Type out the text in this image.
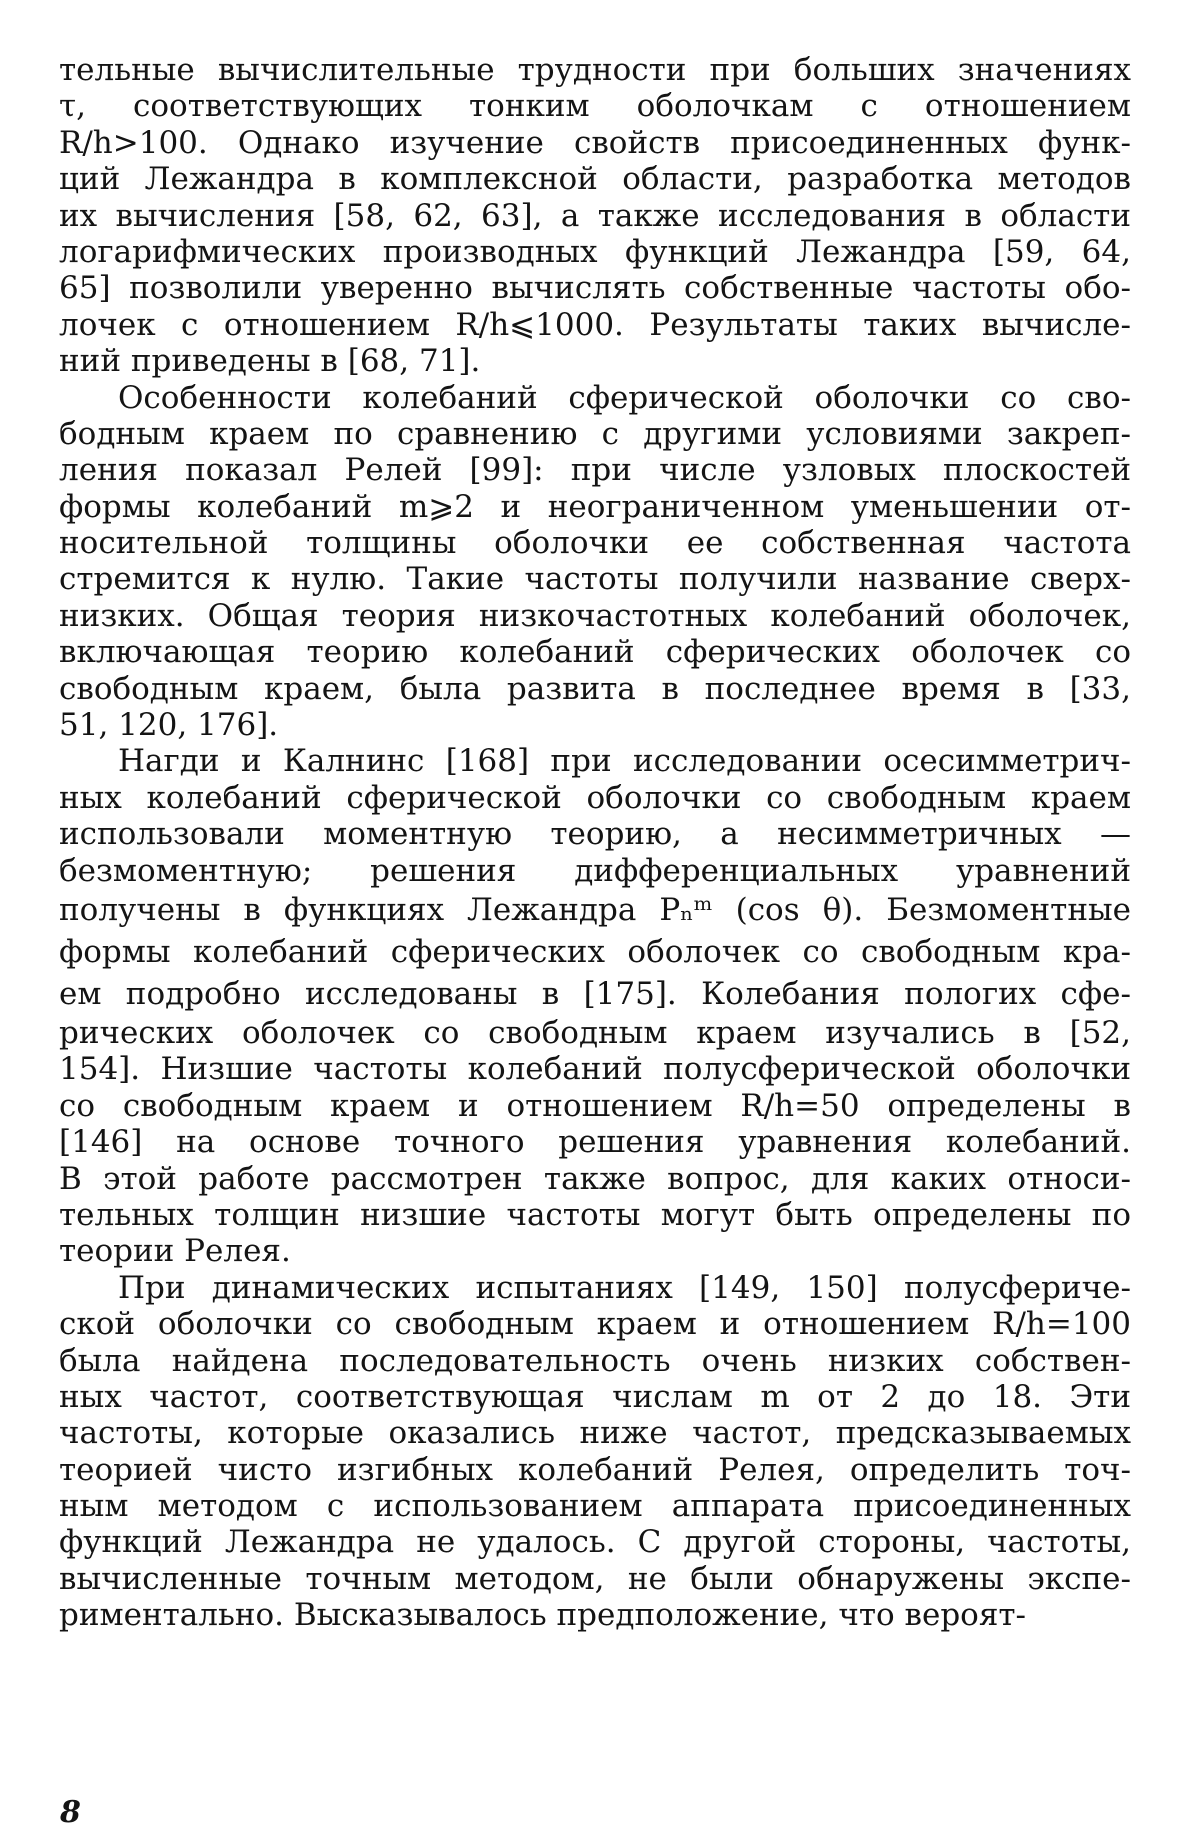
тельные вычислительные трудности при больших значениях
τ, соответствующих тонким оболочкам с отношением
R/h>100. Однако изучение свойств присоединенных функ-
ций Лежандра в комплексной области, разработка методов
их вычисления [58, 62, 63], а также исследования в области
логарифмических производных функций Лежандра [59, 64,
65] позволили уверенно вычислять собственные частоты обо-
лочек с отношением R/h⩽1000. Результаты таких вычисле-
ний приведены в [68, 71].
Особенности колебаний сферической оболочки со сво-
бодным краем по сравнению с другими условиями закреп-
ления показал Релей [99]: при числе узловых плоскостей
формы колебаний m⩾2 и неограниченном уменьшении от-
носительной толщины оболочки ее собственная частота
стремится к нулю. Такие частоты получили название сверх-
низких. Общая теория низкочастотных колебаний оболочек,
включающая теорию колебаний сферических оболочек со
свободным краем, была развита в последнее время в [33,
51, 120, 176].
Нагди и Калнинс [168] при исследовании осесимметрич-
ных колебаний сферической оболочки со свободным краем
использовали моментную теорию, а несимметричных —
безмоментную; решения дифференциальных уравнений
получены в функциях Лежандра Pₙᵐ (cos θ). Безмоментные
формы колебаний сферических оболочек со свободным кра-
ем подробно исследованы в [175]. Колебания пологих сфе-
рических оболочек со свободным краем изучались в [52,
154]. Низшие частоты колебаний полусферической оболочки
со свободным краем и отношением R/h=50 определены в
[146] на основе точного решения уравнения колебаний.
В этой работе рассмотрен также вопрос, для каких относи-
тельных толщин низшие частоты могут быть определены по
теории Релея.
При динамических испытаниях [149, 150] полусфериче-
ской оболочки со свободным краем и отношением R/h=100
была найдена последовательность очень низких собствен-
ных частот, соответствующая числам m от 2 до 18. Эти
частоты, которые оказались ниже частот, предсказываемых
теорией чисто изгибных колебаний Релея, определить точ-
ным методом с использованием аппарата присоединенных
функций Лежандра не удалось. С другой стороны, частоты,
вычисленные точным методом, не были обнаружены экспе-
риментально. Высказывалось предположение, что вероят-
8
